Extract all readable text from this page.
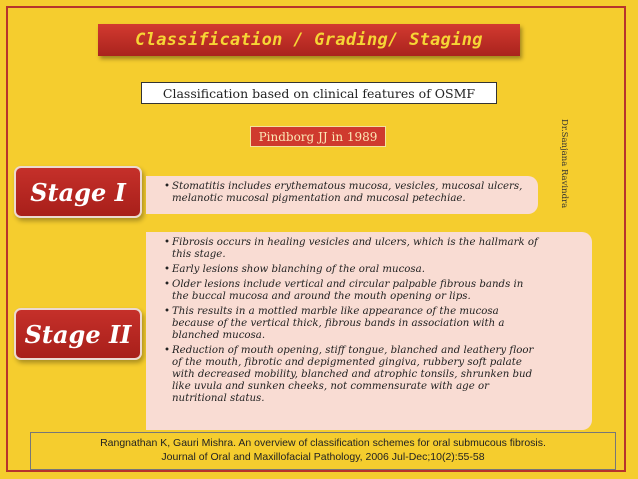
Classification / Grading/ Staging
Classification based on clinical features of OSMF
Dr.Sanjana Ravindra
Pindborg JJ in 1989
Stage I
•	Stomatitis includes erythematous mucosa, vesicles, mucosal ulcers, melanotic mucosal pigmentation and mucosal petechiae.
Stage II
• Fibrosis occurs in healing vesicles and ulcers, which is the hallmark of this stage.
• Early lesions show blanching of the oral mucosa.
• Older lesions include vertical and circular palpable fibrous bands in the buccal mucosa and around the mouth opening or lips.
• This results in a mottled marble like appearance of the mucosa because of the vertical thick, fibrous bands in association with a blanched mucosa.
• Reduction of mouth opening, stiff tongue, blanched and leathery floor of the mouth, fibrotic and depigmented gingiva, rubbery soft palate with decreased mobility, blanched and atrophic tonsils, shrunken bud like uvula and sunken cheeks, not commensurate with age or nutritional status.
Rangnathan K, Gauri Mishra. An overview of classification schemes for oral submucous fibrosis.
Journal of Oral and Maxillofacial Pathology, 2006 Jul-Dec;10(2):55-58
